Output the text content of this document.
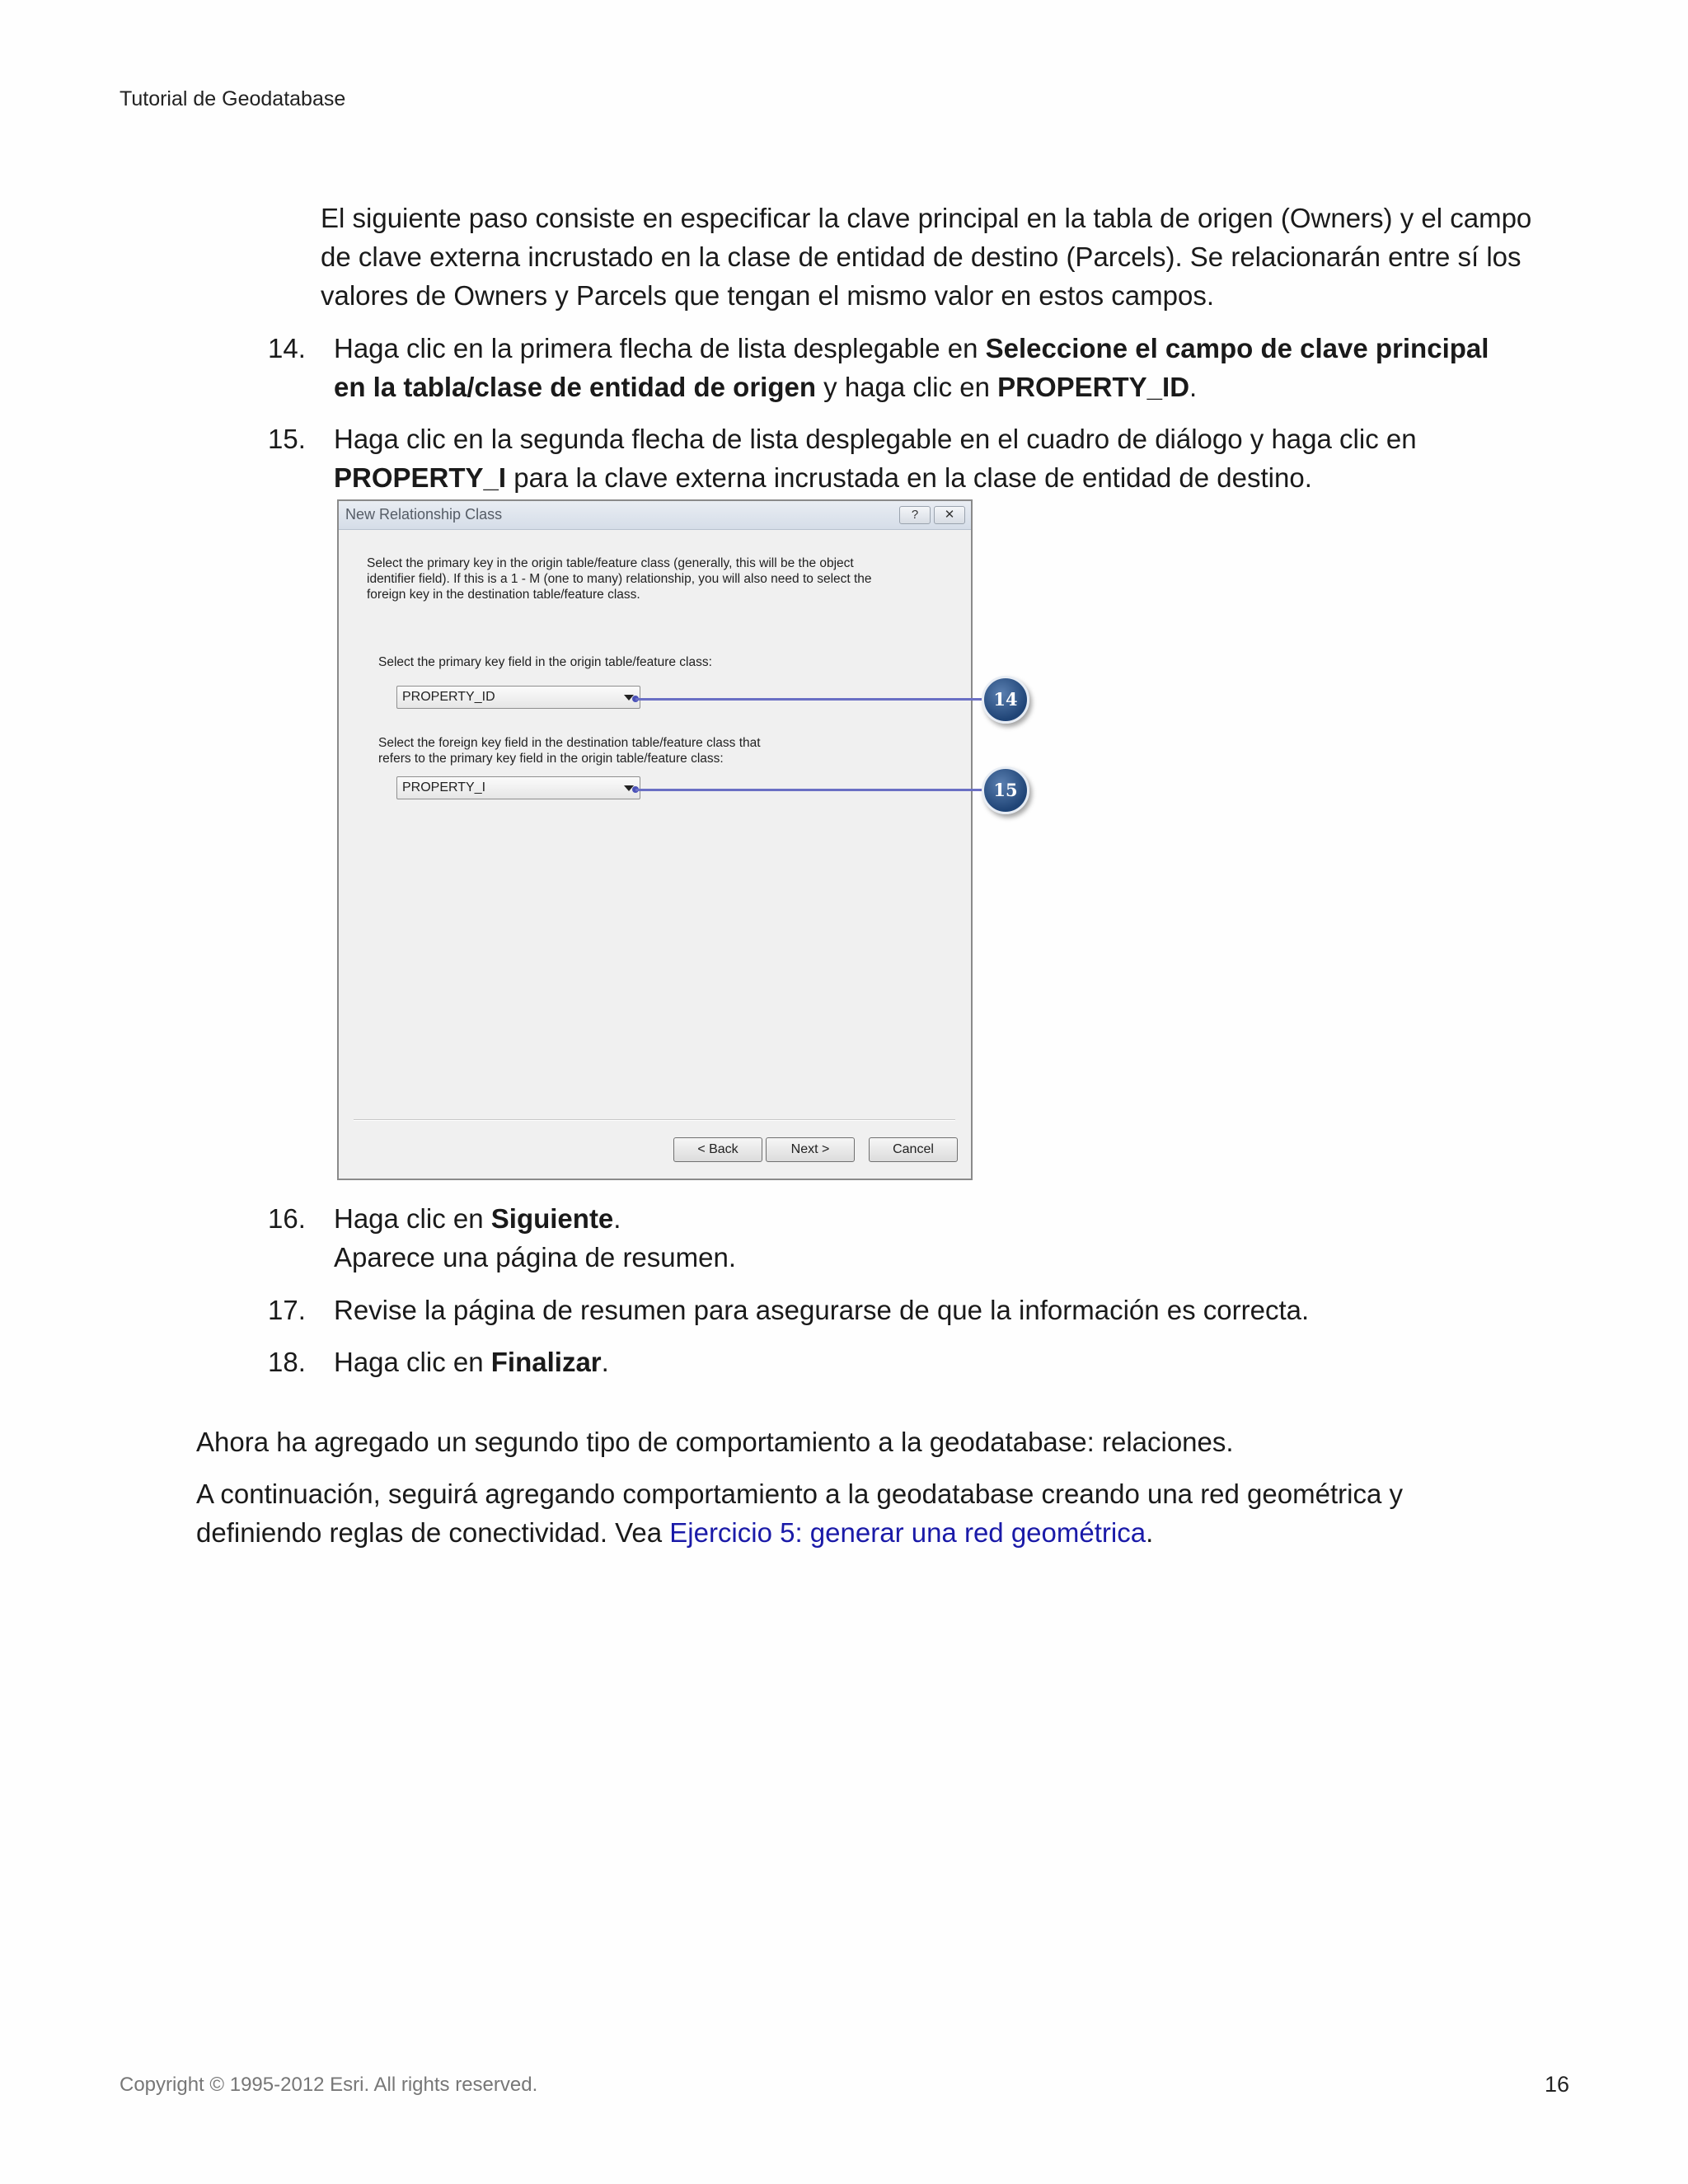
Tutorial de Geodatabase
El siguiente paso consiste en especificar la clave principal en la tabla de origen (Owners) y el campo de clave externa incrustado en la clase de entidad de destino (Parcels). Se relacionarán entre sí los valores de Owners y Parcels que tengan el mismo valor en estos campos.
14. Haga clic en la primera flecha de lista desplegable en Seleccione el campo de clave principal en la tabla/clase de entidad de origen y haga clic en PROPERTY_ID.
15. Haga clic en la segunda flecha de lista desplegable en el cuadro de diálogo y haga clic en PROPERTY_I para la clave externa incrustada en la clase de entidad de destino.
New Relationship Class	?	✕
Select the primary key in the origin table/feature class (generally, this will be the object identifier field). If this is a 1 - M (one to many) relationship, you will also need to select the foreign key in the destination table/feature class.
Select the primary key field in the origin table/feature class:
PROPERTY_ID
Select the foreign key field in the destination table/feature class that refers to the primary key field in the origin table/feature class:
PROPERTY_I
< Back	Next >	Cancel
14
15
16. Haga clic en Siguiente.
Aparece una página de resumen.
17. Revise la página de resumen para asegurarse de que la información es correcta.
18. Haga clic en Finalizar.
Ahora ha agregado un segundo tipo de comportamiento a la geodatabase: relaciones.
A continuación, seguirá agregando comportamiento a la geodatabase creando una red geométrica y definiendo reglas de conectividad. Vea Ejercicio 5: generar una red geométrica.
Copyright © 1995-2012 Esri. All rights reserved.	16
